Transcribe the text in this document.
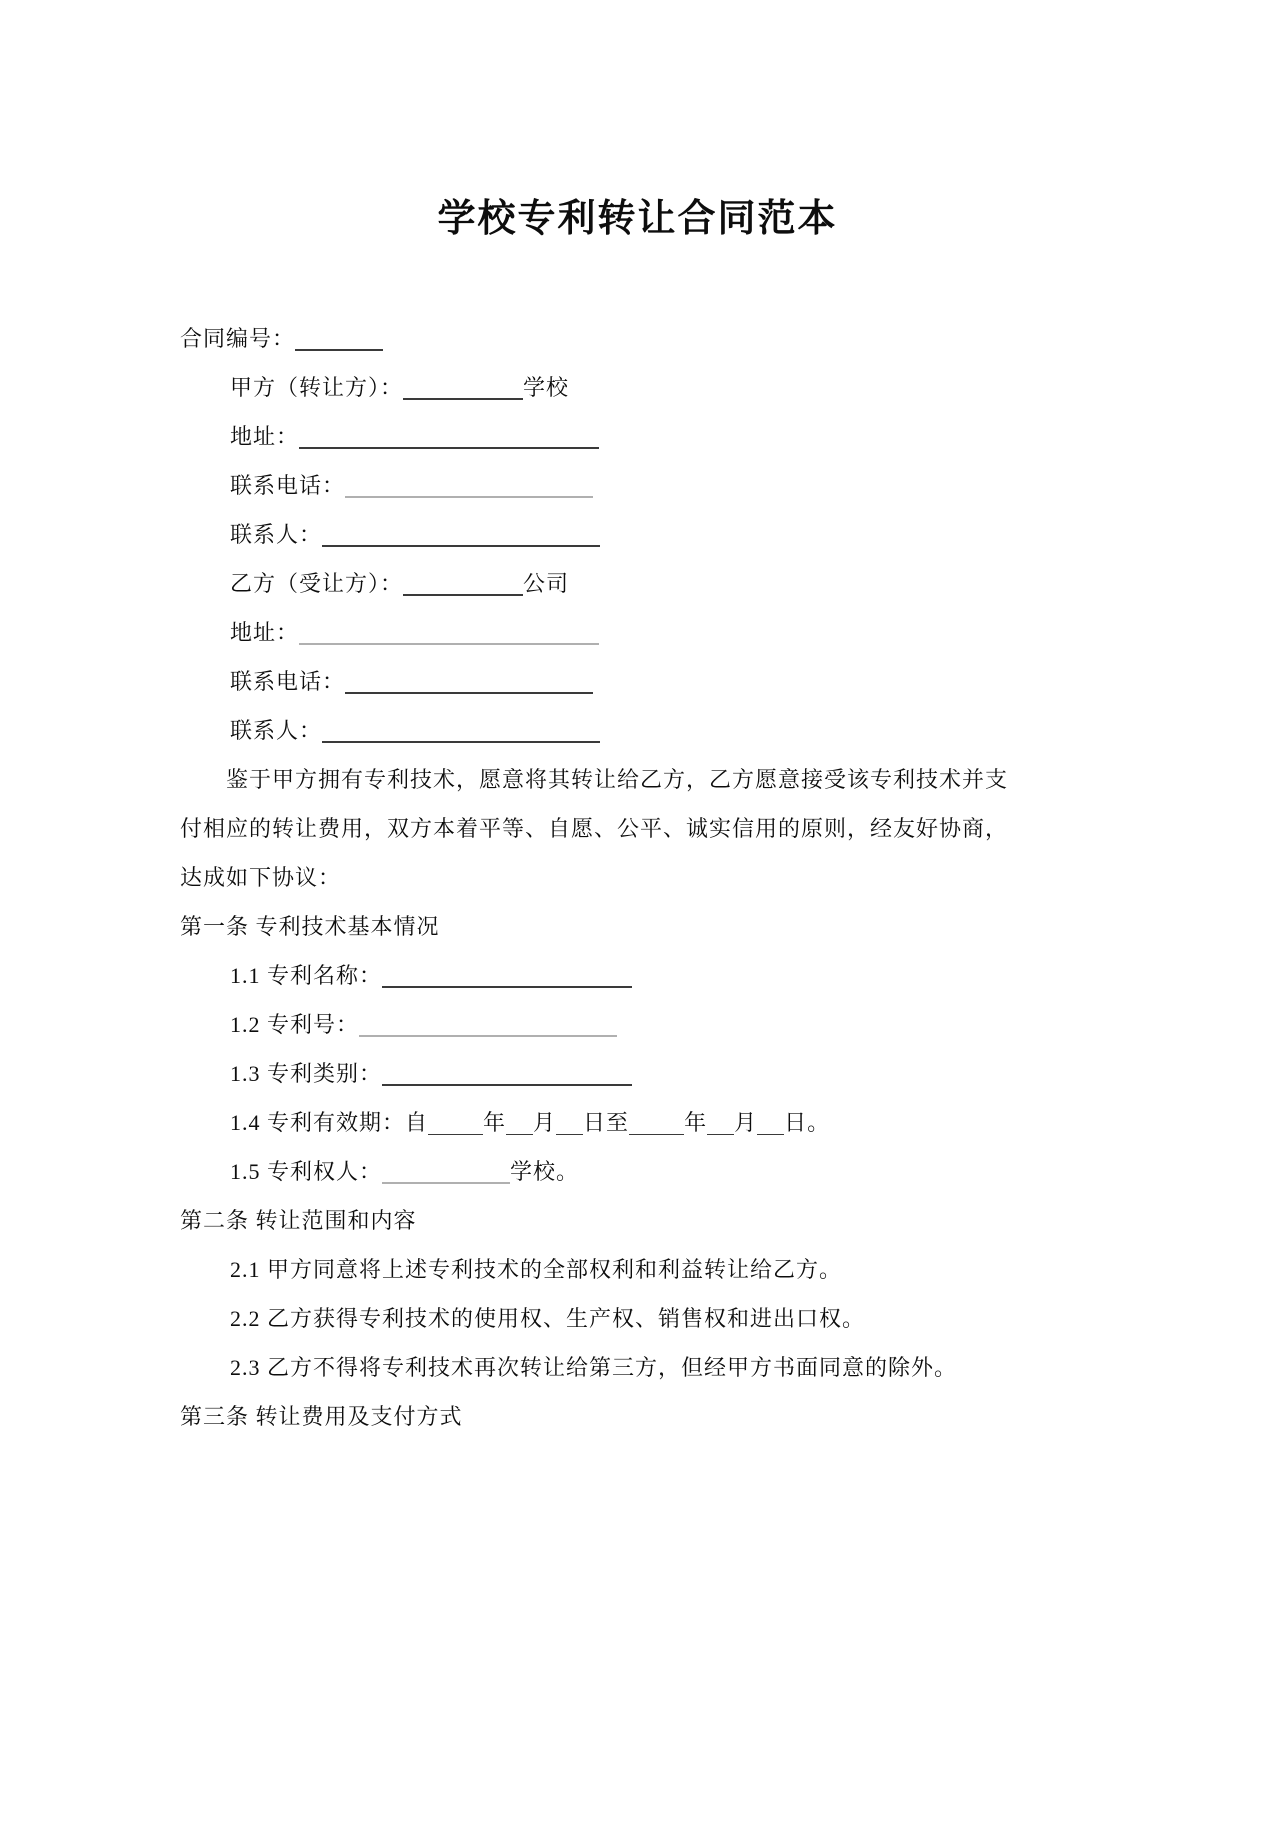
学校专利转让合同范本
合同编号：
甲方（转让方）：	学校
地址：
联系电话：
联系人：
乙方（受让方）：	公司
地址：
联系电话：
联系人：
鉴于甲方拥有专利技术，愿意将其转让给乙方，乙方愿意接受该专利技术并支
付相应的转让费用，双方本着平等、自愿、公平、诚实信用的原则，经友好协商，
达成如下协议：
第一条 专利技术基本情况
1.1 专利名称：
1.2 专利号：
1.3 专利类别：
1.4 专利有效期：自	年 月 日至	年 月 日。
1.5 专利权人：	学校。
第二条 转让范围和内容
2.1 甲方同意将上述专利技术的全部权利和利益转让给乙方。
2.2 乙方获得专利技术的使用权、生产权、销售权和进出口权。
2.3 乙方不得将专利技术再次转让给第三方，但经甲方书面同意的除外。
第三条 转让费用及支付方式
